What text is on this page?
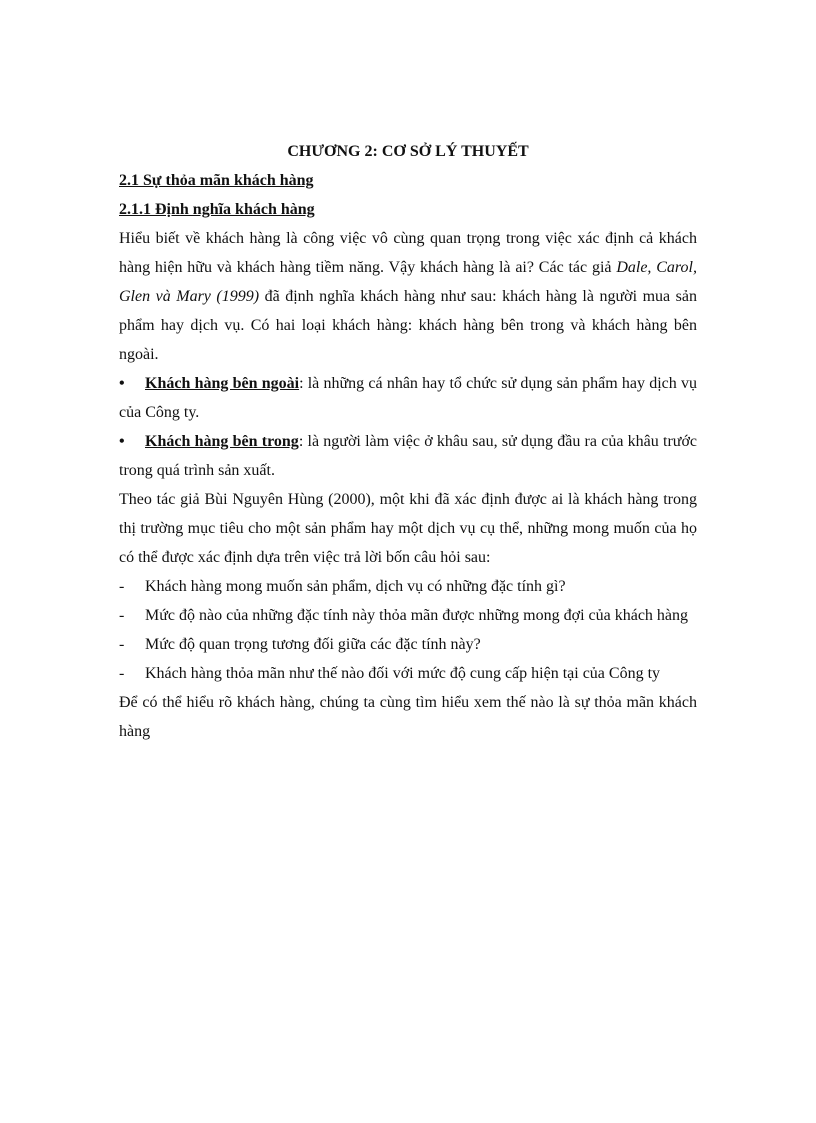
CHƯƠNG 2: CƠ SỞ LÝ THUYẾT
2.1 Sự thỏa mãn khách hàng
2.1.1 Định nghĩa khách hàng

Hiểu biết về khách hàng là công việc vô cùng quan trọng trong việc xác định cả khách hàng hiện hữu và khách hàng tiềm năng. Vậy khách hàng là ai? Các tác giả Dale, Carol, Glen và Mary (1999) đã định nghĩa khách hàng như sau: khách hàng là người mua sản phẩm hay dịch vụ. Có hai loại khách hàng: khách hàng bên trong và khách hàng bên ngoài.

• Khách hàng bên ngoài: là những cá nhân hay tổ chức sử dụng sản phẩm hay dịch vụ của Công ty.

• Khách hàng bên trong: là người làm việc ở khâu sau, sử dụng đầu ra của khâu trước trong quá trình sản xuất.

Theo tác giả Bùi Nguyên Hùng (2000), một khi đã xác định được ai là khách hàng trong thị trường mục tiêu cho một sản phẩm hay một dịch vụ cụ thể, những mong muốn của họ có thể được xác định dựa trên việc trả lời bốn câu hỏi sau:

-	Khách hàng mong muốn sản phẩm, dịch vụ có những đặc tính gì?
-	Mức độ nào của những đặc tính này thỏa mãn được những mong đợi của khách hàng
-	Mức độ quan trọng tương đối giữa các đặc tính này?
-	Khách hàng thỏa mãn như thế nào đối với mức độ cung cấp hiện tại của Công ty

Để có thể hiểu rõ khách hàng, chúng ta cùng tìm hiểu xem thế nào là sự thỏa mãn khách hàng
